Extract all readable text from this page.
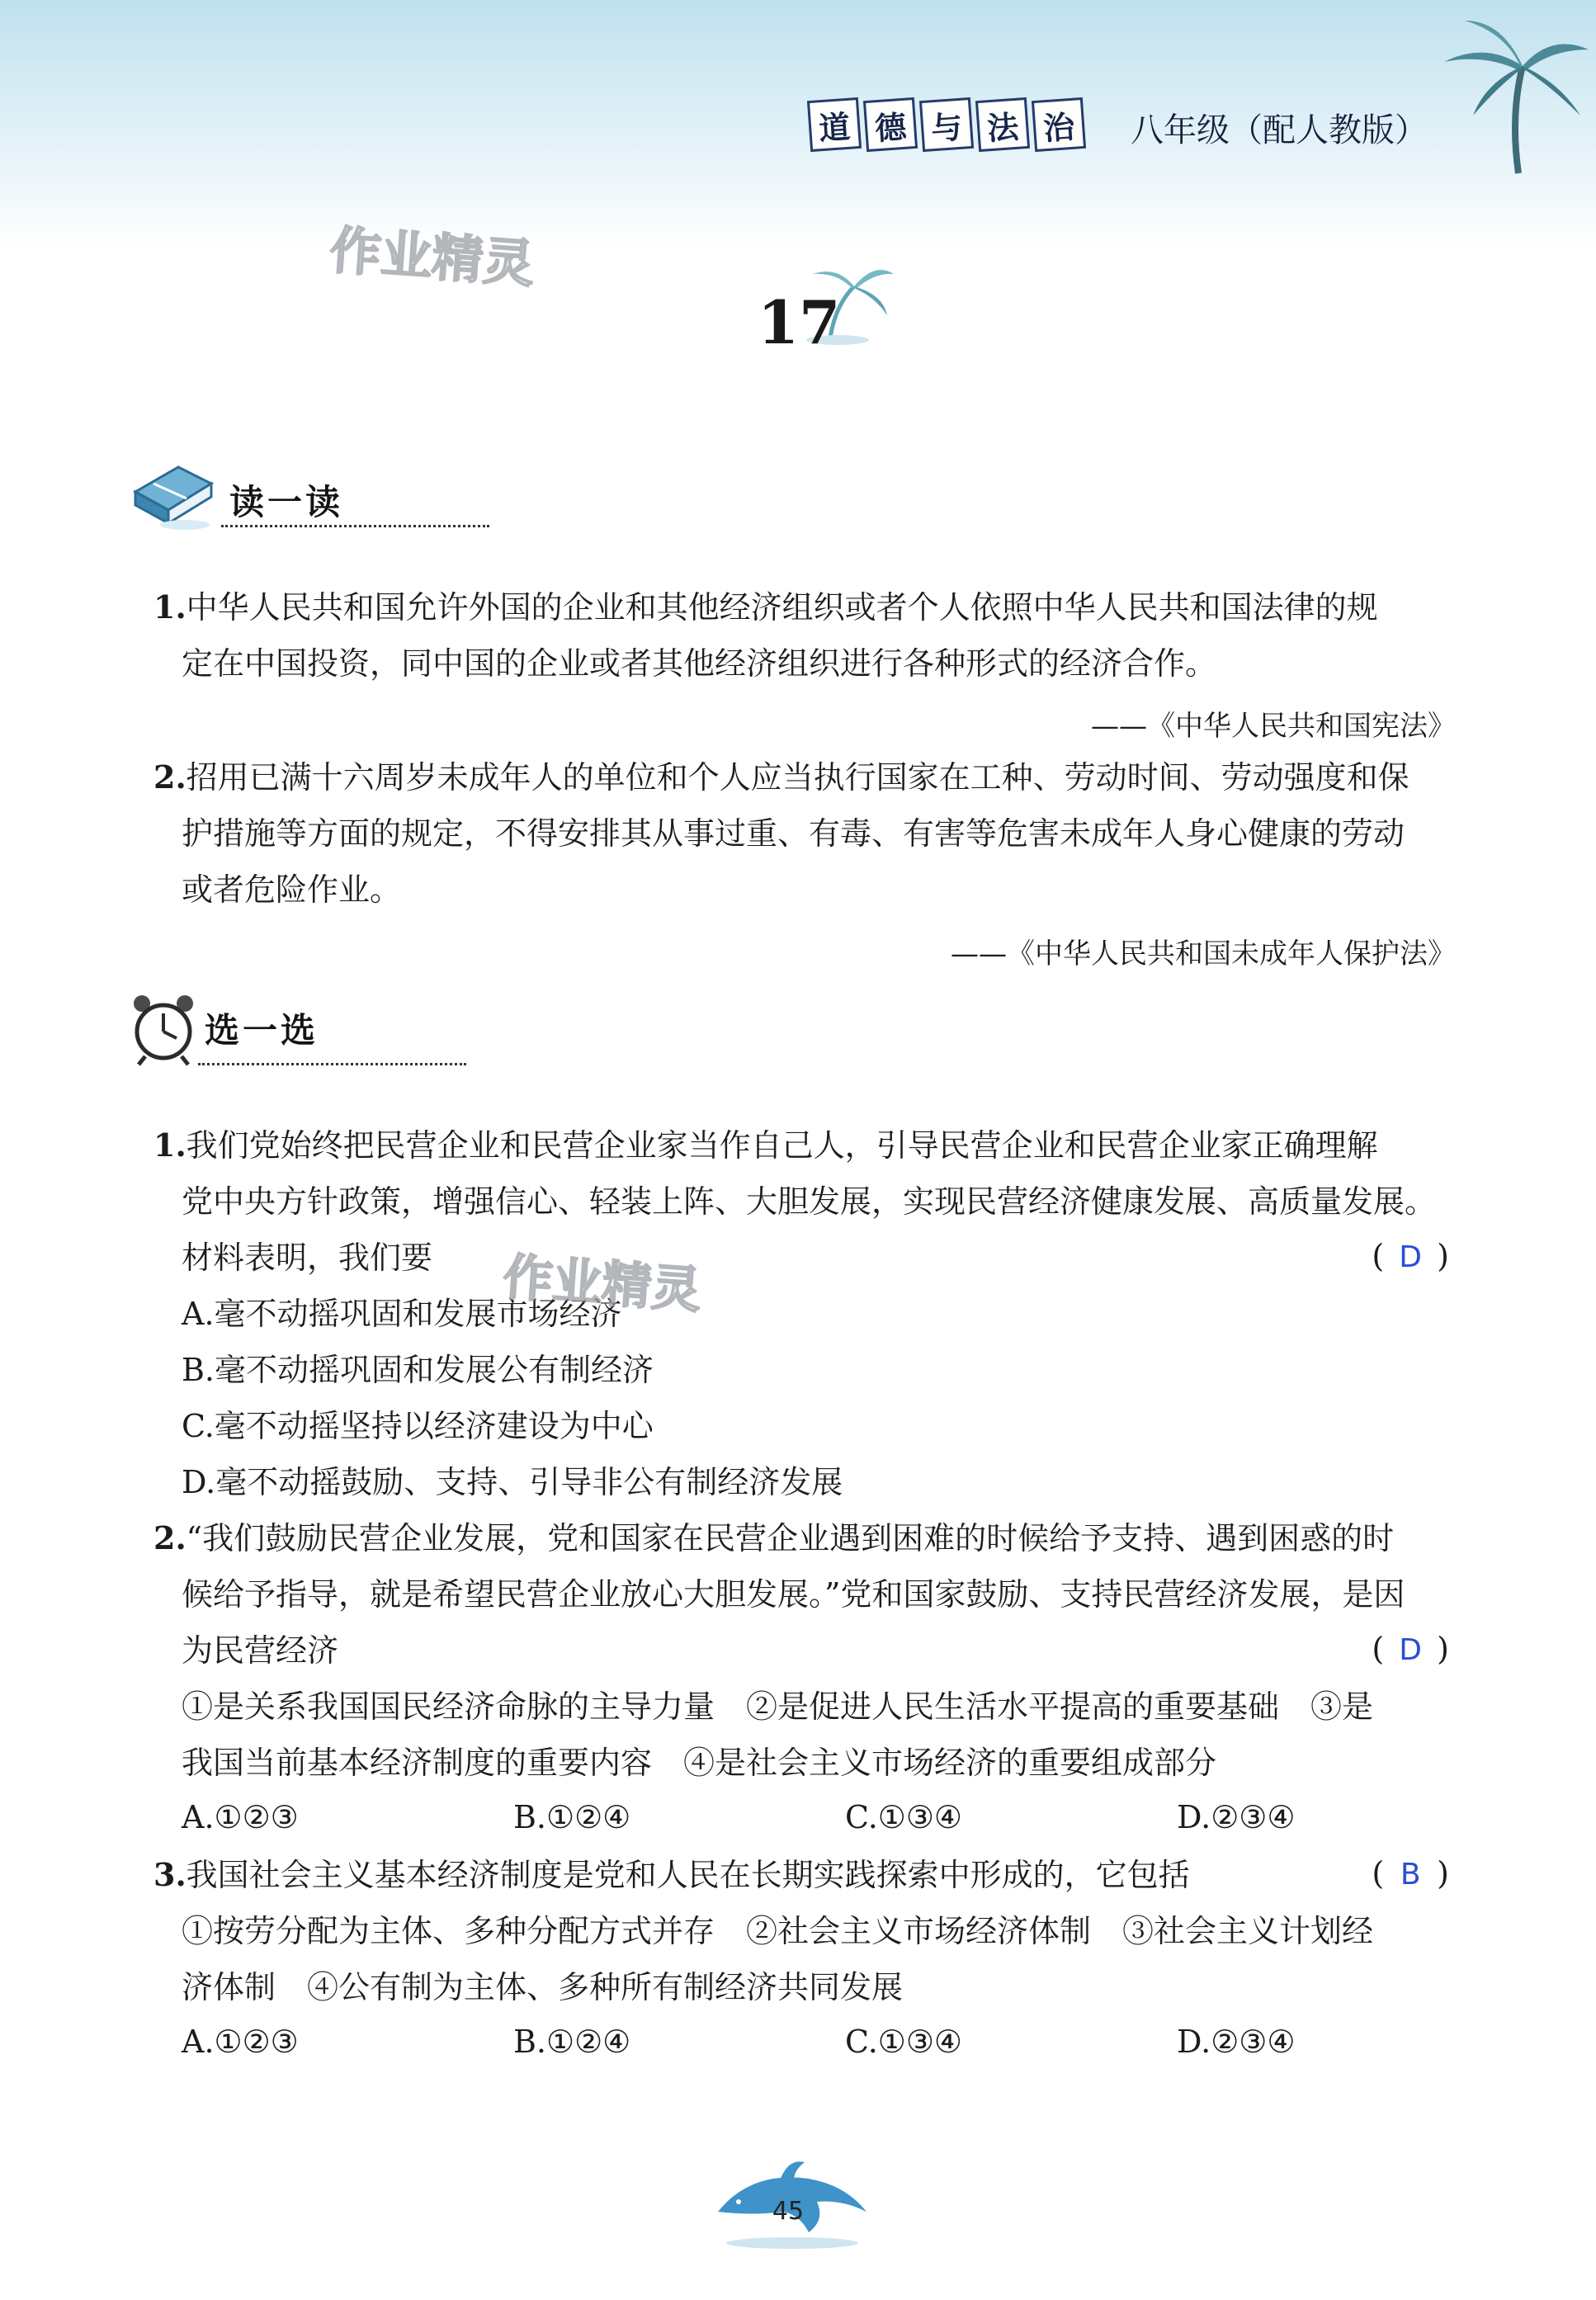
道 德 与 法 治	八年级（配人教版）
作业精灵
17
读一读
1.中华人民共和国允许外国的企业和其他经济组织或者个人依照中华人民共和国法律的规
定在中国投资，同中国的企业或者其他经济组织进行各种形式的经济合作。
——《中华人民共和国宪法》
2.招用已满十六周岁未成年人的单位和个人应当执行国家在工种、劳动时间、劳动强度和保
护措施等方面的规定，不得安排其从事过重、有毒、有害等危害未成年人身心健康的劳动
或者危险作业。
——《中华人民共和国未成年人保护法》
选一选
1.我们党始终把民营企业和民营企业家当作自己人，引导民营企业和民营企业家正确理解
党中央方针政策，增强信心、轻装上阵、大胆发展，实现民营经济健康发展、高质量发展。
材料表明，我们要	( D )
A.毫不动摇巩固和发展市场经济
B.毫不动摇巩固和发展公有制经济
C.毫不动摇坚持以经济建设为中心
D.毫不动摇鼓励、支持、引导非公有制经济发展
作业精灵
2.“我们鼓励民营企业发展，党和国家在民营企业遇到困难的时候给予支持、遇到困惑的时
候给予指导，就是希望民营企业放心大胆发展。”党和国家鼓励、支持民营经济发展，是因
为民营经济	( D )
①是关系我国国民经济命脉的主导力量　②是促进人民生活水平提高的重要基础　③是
我国当前基本经济制度的重要内容　④是社会主义市场经济的重要组成部分
A.①②③	B.①②④	C.①③④	D.②③④
3.我国社会主义基本经济制度是党和人民在长期实践探索中形成的，它包括	( B )
①按劳分配为主体、多种分配方式并存　②社会主义市场经济体制　③社会主义计划经
济体制　④公有制为主体、多种所有制经济共同发展
A.①②③	B.①②④	C.①③④	D.②③④
45
